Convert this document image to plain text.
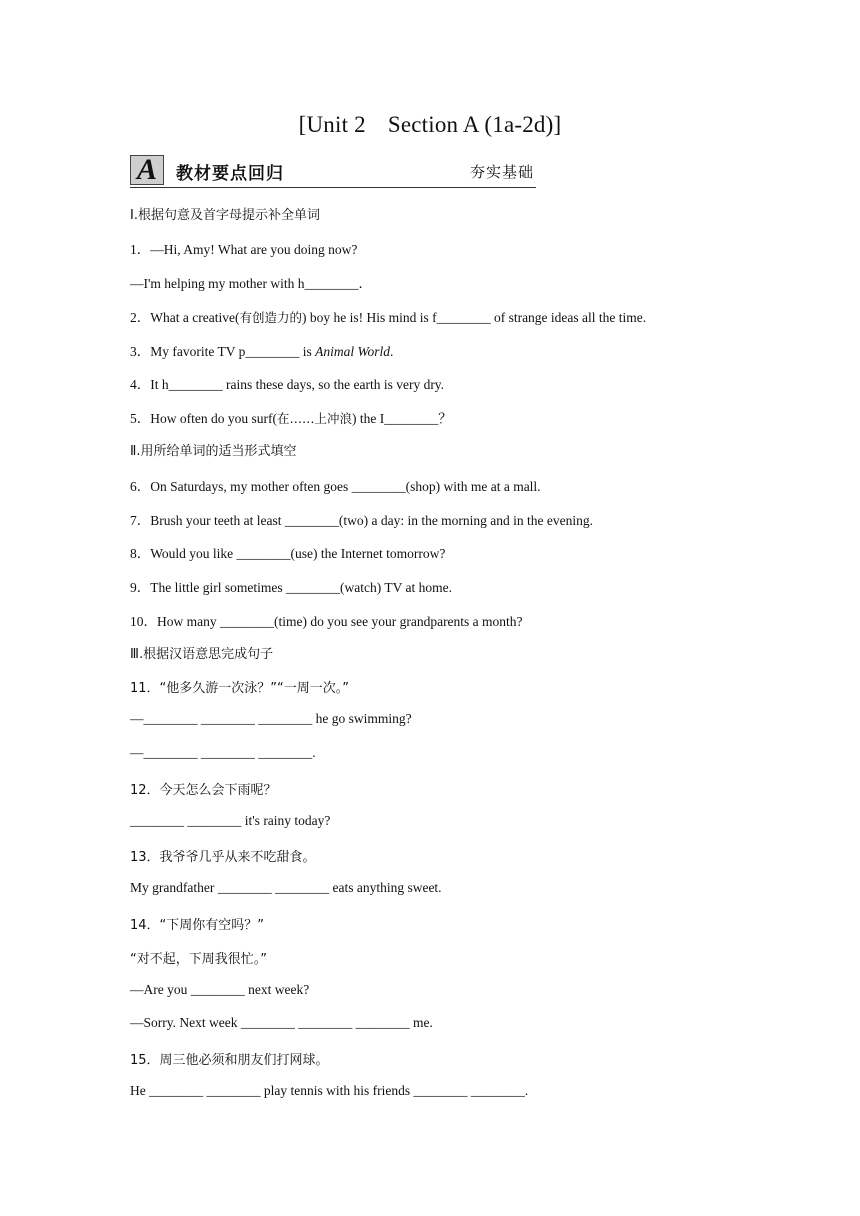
[Unit 2 Section A (1a-2d)]
A 教材要点回归	夯实基础
Ⅰ.根据句意及首字母提示补全单词
1．—Hi, Amy! What are you doing now?
—I'm helping my mother with h________．
2．What a creative(有创造力的) boy he is! His mind is f________ of strange ideas all the time.
3．My favorite TV p________ is Animal World.
4．It h________ rains these days, so the earth is very dry.
5．How often do you surf(在……上冲浪) the I________？
Ⅱ.用所给单词的适当形式填空
6．On Saturdays, my mother often goes ________(shop) with me at a mall.
7．Brush your teeth at least ________(two) a day: in the morning and in the evening.
8．Would you like ________(use) the Internet tomorrow?
9．The little girl sometimes ________(watch) TV at home.
10．How many ________(time) do you see your grandparents a month?
Ⅲ.根据汉语意思完成句子
11．“他多久游一次泳？”“一周一次。”
—________ ________ ________ he go swimming?
—________ ________ ________.
12．今天怎么会下雨呢？
________ ________ it's rainy today?
13．我爷爷几乎从来不吃甜食。
My grandfather ________ ________ eats anything sweet.
14．“下周你有空吗？”
“对不起，下周我很忙。”
—Are you ________ next week?
—Sorry. Next week ________ ________ ________ me.
15．周三他必须和朋友们打网球。
He ________ ________ play tennis with his friends ________ ________.
